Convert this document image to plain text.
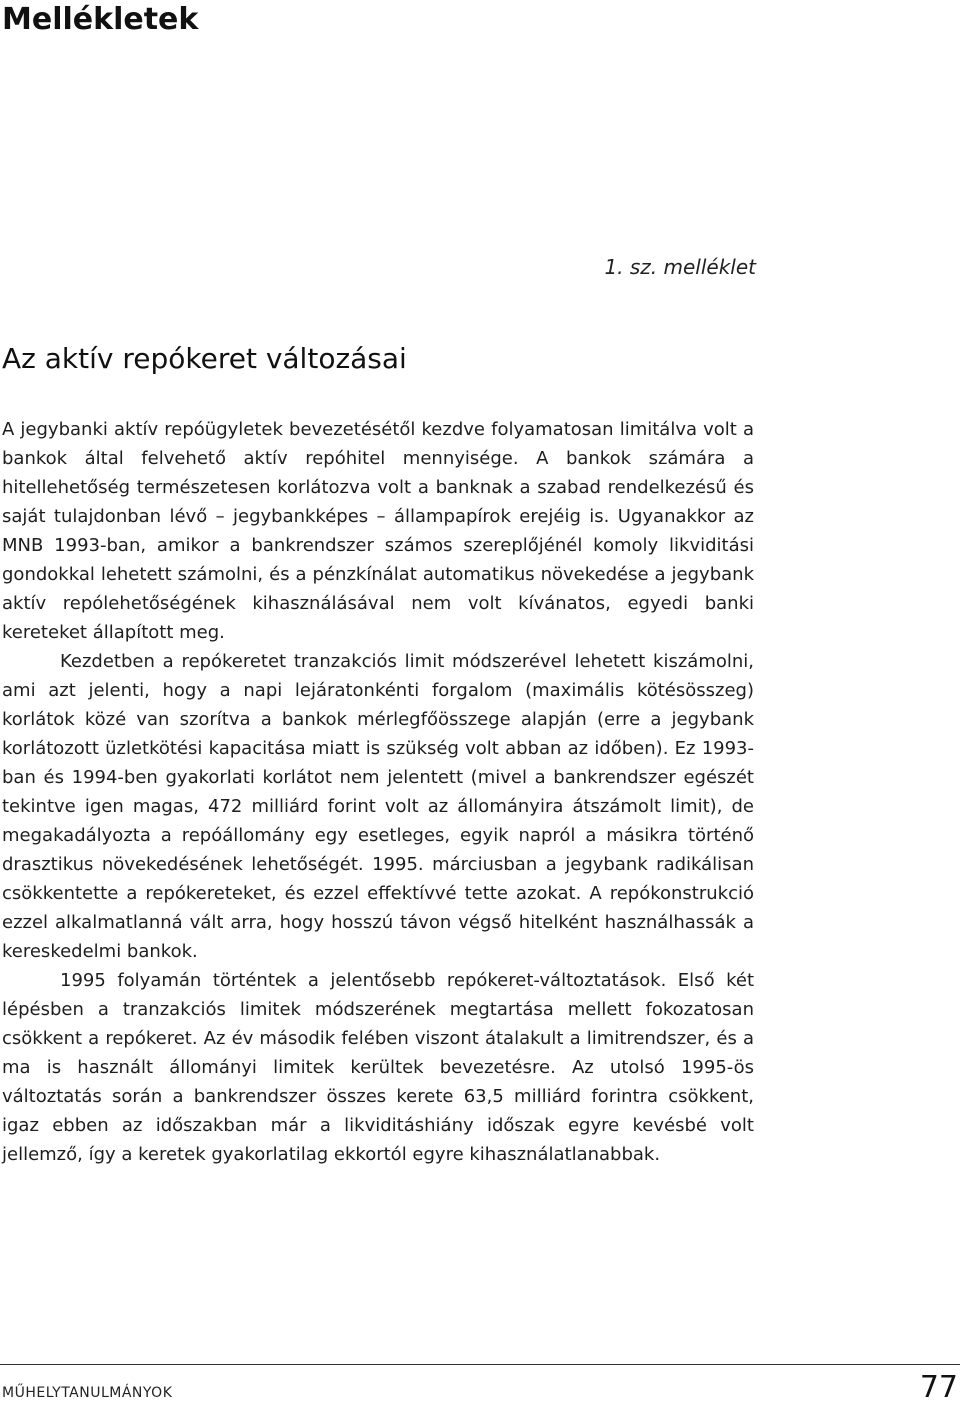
Mellékletek
1. sz. melléklet
Az aktív repókeret változásai

A jegybanki aktív repóügyletek bevezetésétől kezdve folyamatosan limitálva volt a bankok által felvehető aktív repóhitel mennyisége. A bankok számára a hitellehetőség természetesen korlátozva volt a banknak a szabad rendelkezésű és saját tulajdonban lévő – jegybankképes – állampapírok erejéig is. Ugyanakkor az MNB 1993-ban, amikor a bankrendszer számos szereplőjénél komoly likviditási gondokkal lehetett számolni, és a pénzkínálat automatikus növekedése a jegybank aktív repólehetőségének kihasználásával nem volt kívánatos, egyedi banki kereteket állapított meg.

Kezdetben a repókeretet tranzakciós limit módszerével lehetett kiszámolni, ami azt jelenti, hogy a napi lejáratonkénti forgalom (maximális kötésösszeg) korlátok közé van szorítva a bankok mérlegfőösszege alapján (erre a jegybank korlátozott üzletkötési kapacitása miatt is szükség volt abban az időben). Ez 1993-ban és 1994-ben gyakorlati korlátot nem jelentett (mivel a bankrendszer egészét tekintve igen magas, 472 milliárd forint volt az állományira átszámolt limit), de megakadályozta a repóállomány egy esetleges, egyik napról a másikra történő drasztikus növekedésének lehetőségét. 1995. márciusban a jegybank radikálisan csökkentette a repókereteket, és ezzel effektívvé tette azokat. A repókonstrukció ezzel alkalmatlanná vált arra, hogy hosszú távon végső hitelként használhassák a kereskedelmi bankok.

1995 folyamán történtek a jelentősebb repókeret-változtatások. Első két lépésben a tranzakciós limitek módszerének megtartása mellett fokozatosan csökkent a repókeret. Az év második felében viszont átalakult a limitrendszer, és a ma is használt állományi limitek kerültek bevezetésre. Az utolsó 1995-ös változtatás során a bankrendszer összes kerete 63,5 milliárd forintra csökkent, igaz ebben az időszakban már a likviditáshiány időszak egyre kevésbé volt jellemző, így a keretek gyakorlatilag ekkortól egyre kihasználatlanabbak.

MŰHELYTANULMÁNYOK	77
